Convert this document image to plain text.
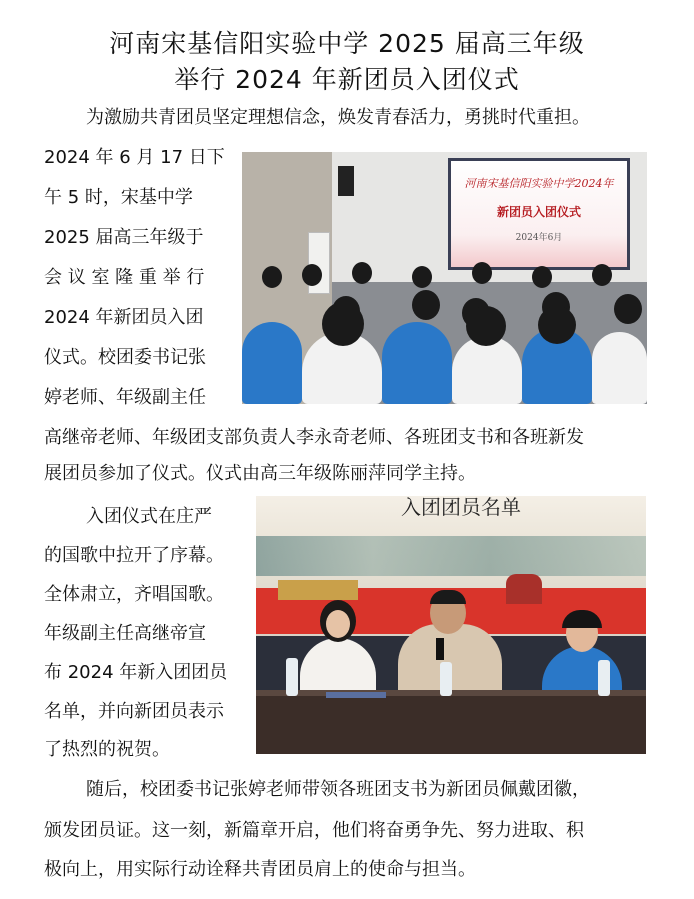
河南宋基信阳实验中学 2025 届高三年级
举行 2024 年新团员入团仪式
为激励共青团员坚定理想信念，焕发青春活力，勇挑时代重担。
2024 年 6 月 17 日下
午 5 时，宋基中学
2025 届高三年级于
会 议 室 隆 重 举 行
2024 年新团员入团
仪式。校团委书记张
婷老师、年级副主任
高继帝老师、年级团支部负责人李永奇老师、各班团支书和各班新发
展团员参加了仪式。仪式由高三年级陈丽萍同学主持。
河南宋基信阳实验中学2024年
新团员入团仪式
2024年6月
入团仪式在庄严
的国歌中拉开了序幕。
全体肃立，齐唱国歌。
年级副主任高继帝宣
布 2024 年新入团团员
名单，并向新团员表示
了热烈的祝贺。
入团团员名单
随后，校团委书记张婷老师带领各班团支书为新团员佩戴团徽，
颁发团员证。这一刻，新篇章开启，他们将奋勇争先、努力进取、积
极向上，用实际行动诠释共青团员肩上的使命与担当。
